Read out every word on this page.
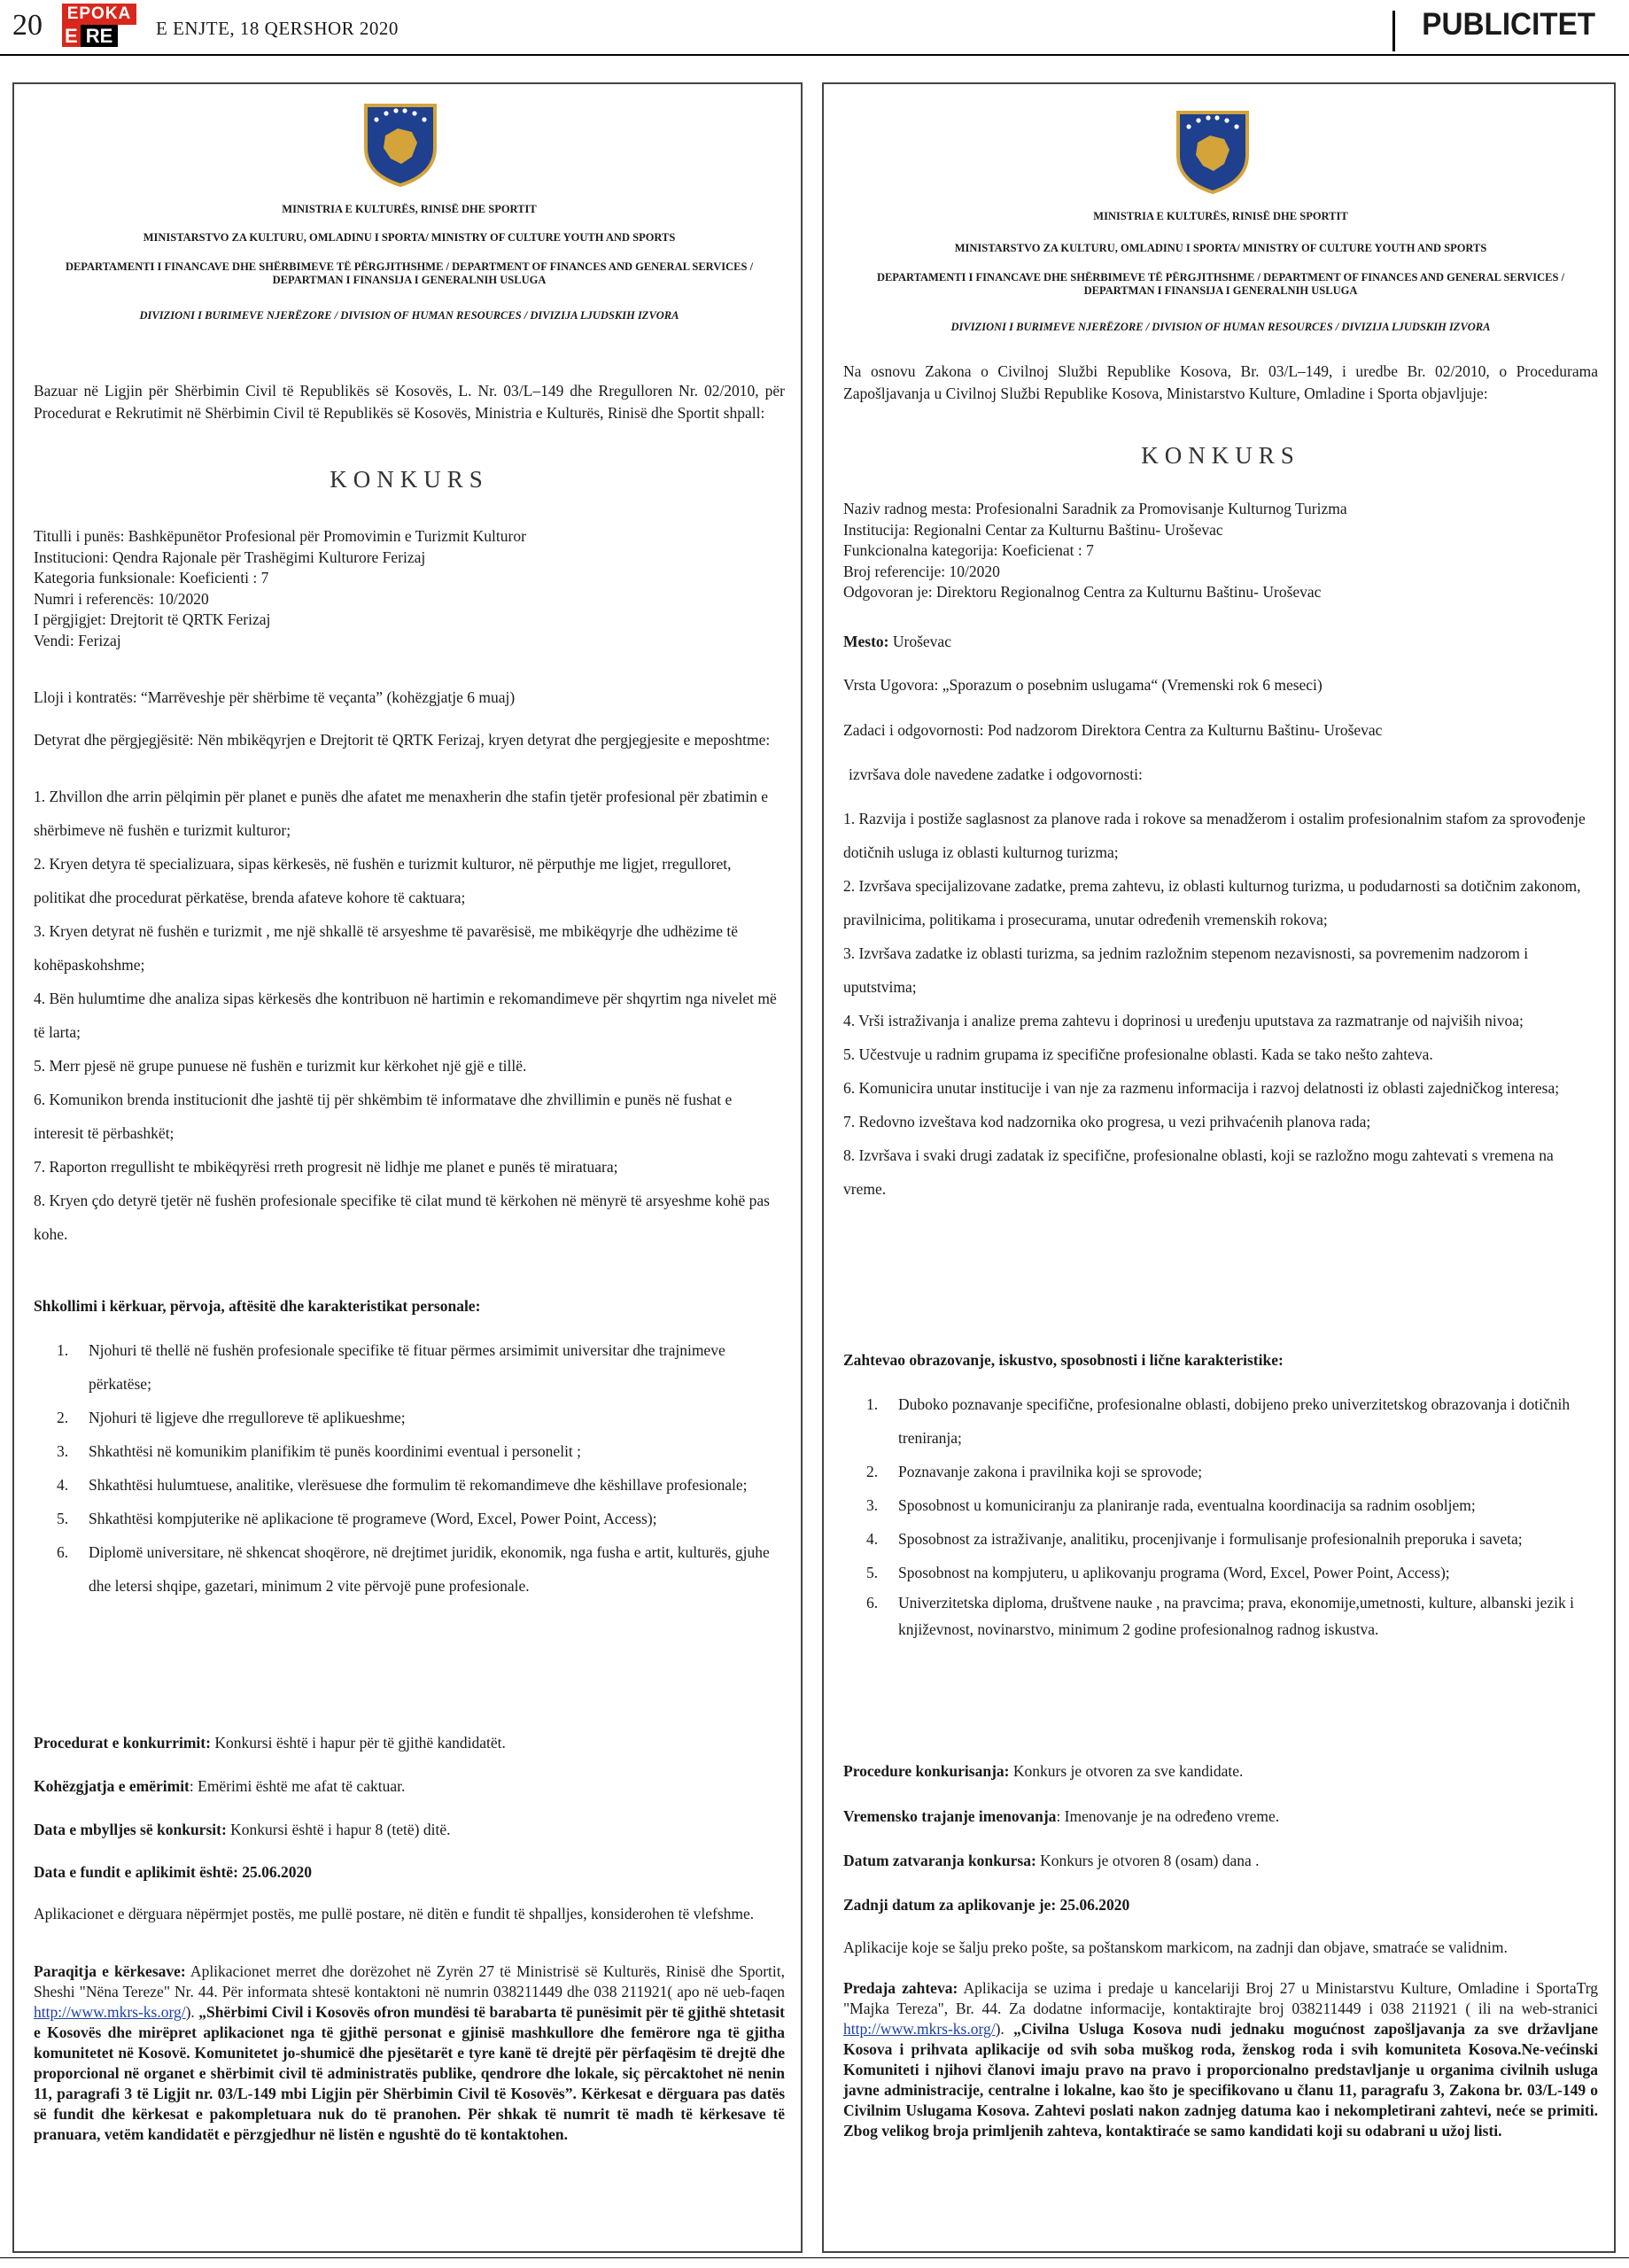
20	EPOKA
E RE	E ENJTE, 18 QERSHOR 2020	PUBLICITET
MINISTRIA E KULTURËS, RINISË DHE SPORTIT
MINISTARSTVO ZA KULTURU, OMLADINU I SPORTA/ MINISTRY OF CULTURE YOUTH AND SPORTS
DEPARTAMENTI I FINANCAVE DHE SHËRBIMEVE TË PËRGJITHSHME / DEPARTMENT OF FINANCES AND GENERAL SERVICES / DEPARTMAN I FINANSIJA I GENERALNIH USLUGA
DIVIZIONI I BURIMEVE NJERËZORE / DIVISION OF HUMAN RESOURCES / DIVIZIJA LJUDSKIH IZVORA
Bazuar në Ligjin për Shërbimin Civil të Republikës së Kosovës, L. Nr. 03/L–149 dhe Rregulloren Nr. 02/2010, për Procedurat e Rekrutimit në Shërbimin Civil të Republikës së Kosovës, Ministria e Kulturës, Rinisë dhe Sportit shpall:
KONKURS
Titulli i punës: Bashkëpunëtor Profesional për Promovimin e Turizmit Kulturor
Institucioni: Qendra Rajonale për Trashëgimi Kulturore Ferizaj
Kategoria funksionale: Koeficienti : 7
Numri i referencës: 10/2020
I përgjigjet: Drejtorit të QRTK Ferizaj
Vendi: Ferizaj
Lloji i kontratës: “Marrëveshje për shërbime të veçanta” (kohëzgjatje 6 muaj)
Detyrat dhe përgjegjësitë: Nën mbikëqyrjen e Drejtorit të QRTK Ferizaj, kryen detyrat dhe pergjegjesite e meposhtme:
1. Zhvillon dhe arrin pëlqimin për planet e punës dhe afatet me menaxherin dhe stafin tjetër profesional për zbatimin e shërbimeve në fushën e turizmit kulturor;
2. Kryen detyra të specializuara, sipas kërkesës, në fushën e turizmit kulturor, në përputhje me ligjet, rregulloret, politikat dhe procedurat përkatëse, brenda afateve kohore të caktuara;
3. Kryen detyrat në fushën e turizmit , me një shkallë të arsyeshme të pavarësisë, me mbikëqyrje dhe udhëzime të kohëpaskohshme;
4. Bën hulumtime dhe analiza sipas kërkesës dhe kontribuon në hartimin e rekomandimeve për shqyrtim nga nivelet më të larta;
5. Merr pjesë në grupe punuese në fushën e turizmit kur kërkohet një gjë e tillë.
6. Komunikon brenda institucionit dhe jashtë tij për shkëmbim të informatave dhe zhvillimin e punës në fushat e interesit të përbashkët;
7. Raporton rregullisht te mbikëqyrësi rreth progresit në lidhje me planet e punës të miratuara;
8. Kryen çdo detyrë tjetër në fushën profesionale specifike të cilat mund të kërkohen në mënyrë të arsyeshme kohë pas kohe.
Shkollimi i kërkuar, përvoja, aftësitë dhe karakteristikat personale:
1. Njohuri të thellë në fushën profesionale specifike të fituar përmes arsimimit universitar dhe trajnimeve përkatëse;
2. Njohuri të ligjeve dhe rregulloreve të aplikueshme;
3. Shkathtësi në komunikim planifikim të punës koordinimi eventual i personelit ;
4. Shkathtësi hulumtuese, analitike, vlerësuese dhe formulim të rekomandimeve dhe këshillave profesionale;
5. Shkathtësi kompjuterike në aplikacione të programeve (Word, Excel, Power Point, Access);
6. Diplomë universitare, në shkencat shoqërore, në drejtimet juridik, ekonomik, nga fusha e artit, kulturës, gjuhe dhe letersi shqipe, gazetari, minimum 2 vite përvojë pune profesionale.
Procedurat e konkurrimit: Konkursi është i hapur për të gjithë kandidatët.
Kohëzgjatja e emërimit: Emërimi është me afat të caktuar.
Data e mbylljes së konkursit: Konkursi është i hapur 8 (tetë) ditë.
Data e fundit e aplikimit është: 25.06.2020
Aplikacionet e dërguara nëpërmjet postës, me pullë postare, në ditën e fundit të shpalljes, konsiderohen të vlefshme.
Paraqitja e kërkesave: Aplikacionet merret dhe dorëzohet në Zyrën 27 të Ministrisë së Kulturës, Rinisë dhe Sportit, Sheshi "Nëna Tereze" Nr. 44. Për informata shtesë kontaktoni në numrin 038211449 dhe 038 211921( apo në ueb-faqen http://www.mkrs-ks.org/). „Shërbimi Civil i Kosovës ofron mundësi të barabarta të punësimit për të gjithë shtetasit e Kosovës dhe mirëpret aplikacionet nga të gjithë personat e gjinisë mashkullore dhe femërore nga të gjitha komunitetet në Kosovë. Komunitetet jo-shumicë dhe pjesëtarët e tyre kanë të drejtë për përfaqësim të drejtë dhe proporcional në organet e shërbimit civil të administratës publike, qendrore dhe lokale, siç përcaktohet në nenin 11, paragrafi 3 të Ligjit nr. 03/L-149 mbi Ligjin për Shërbimin Civil të Kosovës”. Kërkesat e dërguara pas datës së fundit dhe kërkesat e pakompletuara nuk do të pranohen. Për shkak të numrit të madh të kërkesave të pranuara, vetëm kandidatët e përzgjedhur në listën e ngushtë do të kontaktohen.
MINISTRIA E KULTURËS, RINISË DHE SPORTIT
MINISTARSTVO ZA KULTURU, OMLADINU I SPORTA/ MINISTRY OF CULTURE YOUTH AND SPORTS
DEPARTAMENTI I FINANCAVE DHE SHËRBIMEVE TË PËRGJITHSHME / DEPARTMENT OF FINANCES AND GENERAL SERVICES / DEPARTMAN I FINANSIJA I GENERALNIH USLUGA
DIVIZIONI I BURIMEVE NJERËZORE / DIVISION OF HUMAN RESOURCES / DIVIZIJA LJUDSKIH IZVORA
Na osnovu Zakona o Civilnoj Službi Republike Kosova, Br. 03/L–149, i uredbe Br. 02/2010, o Procedurama Zapošljavanja u Civilnoj Službi Republike Kosova, Ministarstvo Kulture, Omladine i Sporta objavljuje:
KONKURS
Naziv radnog mesta: Profesionalni Saradnik za Promovisanje Kulturnog Turizma
Institucija: Regionalni Centar za Kulturnu Baštinu- Uroševac
Funkcionalna kategorija: Koeficienat : 7
Broj referencije: 10/2020
Odgovoran je: Direktoru Regionalnog Centra za Kulturnu Baštinu- Uroševac
Mesto: Uroševac
Vrsta Ugovora: „Sporazum o posebnim uslugama“ (Vremenski rok 6 meseci)
Zadaci i odgovornosti: Pod nadzorom Direktora Centra za Kulturnu Baštinu- Uroševac
izvršava dole navedene zadatke i odgovornosti:
1. Razvija i postiže saglasnost za planove rada i rokove sa menadžerom i ostalim profesionalnim stafom za sprovođenje dotičnih usluga iz oblasti kulturnog turizma;
2. Izvršava specijalizovane zadatke, prema zahtevu, iz oblasti kulturnog turizma, u podudarnosti sa dotičnim zakonom, pravilnicima, politikama i prosecurama, unutar određenih vremenskih rokova;
3. Izvršava zadatke iz oblasti turizma, sa jednim razložnim stepenom nezavisnosti, sa povremenim nadzorom i uputstvima;
4. Vrši istraživanja i analize prema zahtevu i doprinosi u uređenju uputstava za razmatranje od najviših nivoa;
5. Učestvuje u radnim grupama iz specifične profesionalne oblasti. Kada se tako nešto zahteva.
6. Komunicira unutar institucije i van nje za razmenu informacija i razvoj delatnosti iz oblasti zajedničkog interesa;
7. Redovno izveštava kod nadzornika oko progresa, u vezi prihvaćenih planova rada;
8. Izvršava i svaki drugi zadatak iz specifične, profesionalne oblasti, koji se razložno mogu zahtevati s vremena na vreme.
Zahtevao obrazovanje, iskustvo, sposobnosti i lične karakteristike:
1. Duboko poznavanje specifične, profesionalne oblasti, dobijeno preko univerzitetskog obrazovanja i dotičnih treniranja;
2. Poznavanje zakona i pravilnika koji se sprovode;
3. Sposobnost u komuniciranju za planiranje rada, eventualna koordinacija sa radnim osobljem;
4. Sposobnost za istraživanje, analitiku, procenjivanje i formulisanje profesionalnih preporuka i saveta;
5. Sposobnost na kompjuteru, u aplikovanju programa (Word, Excel, Power Point, Access);
6. Univerzitetska diploma, društvene nauke , na pravcima; prava, ekonomije,umetnosti, kulture, albanski jezik i književnost, novinarstvo, minimum 2 godine profesionalnog radnog iskustva.
Procedure konkurisanja: Konkurs je otvoren za sve kandidate.
Vremensko trajanje imenovanja: Imenovanje je na određeno vreme.
Datum zatvaranja konkursa: Konkurs je otvoren 8 (osam) dana .
Zadnji datum za aplikovanje je: 25.06.2020
Aplikacije koje se šalju preko pošte, sa poštanskom markicom, na zadnji dan objave, smatraće se validnim.
Predaja zahteva: Aplikacija se uzima i predaje u kancelariji Broj 27 u Ministarstvu Kulture, Omladine i SportaTrg "Majka Tereza", Br. 44. Za dodatne informacije, kontaktirajte broj 038211449 i 038 211921 ( ili na web-stranici http://www.mkrs-ks.org/). „Civilna Usluga Kosova nudi jednaku mogućnost zapošljavanja za sve državljane Kosova i prihvata aplikacije od svih soba muškog roda, ženskog roda i svih komuniteta Kosova.Ne-većinski Komuniteti i njihovi članovi imaju pravo na pravo i proporcionalno predstavljanje u organima civilnih usluga javne administracije, centralne i lokalne, kao što je specifikovano u članu 11, paragrafu 3, Zakona br. 03/L-149 o Civilnim Uslugama Kosova. Zahtevi poslati nakon zadnjeg datuma kao i nekompletirani zahtevi, neće se primiti. Zbog velikog broja primljenih zahteva, kontaktiraće se samo kandidati koji su odabrani u užoj listi.
